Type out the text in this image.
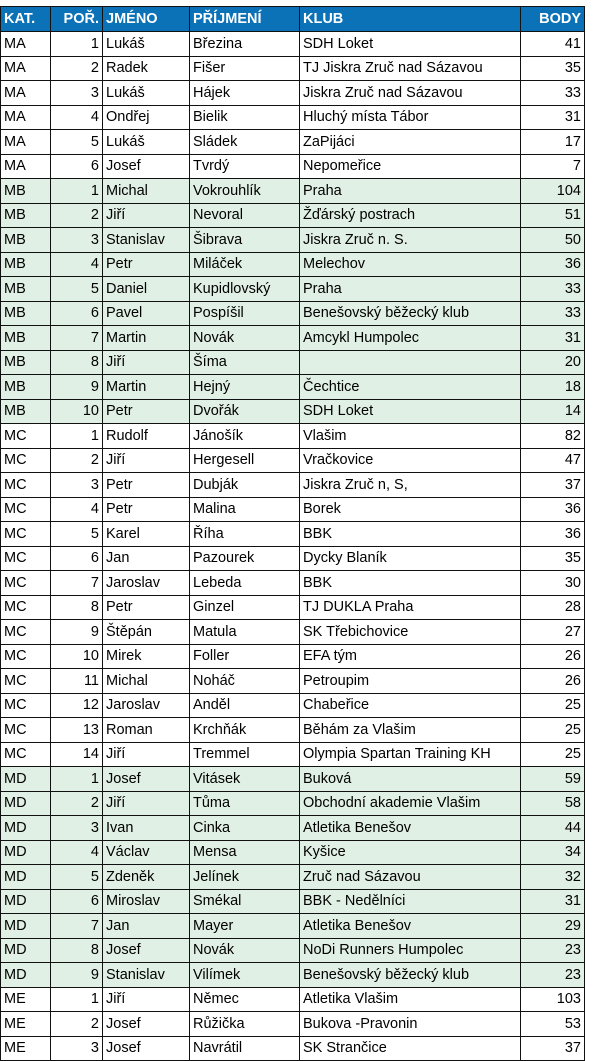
KAT.	POŘ.	JMÉNO	PŘÍJMENÍ	KLUB	BODY
MA	1	Lukáš	Březina	SDH Loket	41
MA	2	Radek	Fišer	TJ Jiskra Zruč nad Sázavou	35
MA	3	Lukáš	Hájek	Jiskra Zruč nad Sázavou	33
MA	4	Ondřej	Bielik	Hluchý místa Tábor	31
MA	5	Lukáš	Sládek	ZaPijáci	17
MA	6	Josef	Tvrdý	Nepomeřice	7
MB	1	Michal	Vokrouhlík	Praha	104
MB	2	Jiří	Nevoral	Žďárský postrach	51
MB	3	Stanislav	Šibrava	Jiskra Zruč n. S.	50
MB	4	Petr	Miláček	Melechov	36
MB	5	Daniel	Kupidlovský	Praha	33
MB	6	Pavel	Pospíšil	Benešovský běžecký klub	33
MB	7	Martin	Novák	Amcykl Humpolec	31
MB	8	Jiří	Šíma		20
MB	9	Martin	Hejný	Čechtice	18
MB	10	Petr	Dvořák	SDH Loket	14
MC	1	Rudolf	Jánošík	Vlašim	82
MC	2	Jiří	Hergesell	Vračkovice	47
MC	3	Petr	Dubják	Jiskra Zruč n, S,	37
MC	4	Petr	Malina	Borek	36
MC	5	Karel	Říha	BBK	36
MC	6	Jan	Pazourek	Dycky Blaník	35
MC	7	Jaroslav	Lebeda	BBK	30
MC	8	Petr	Ginzel	TJ DUKLA Praha	28
MC	9	Štěpán	Matula	SK Třebichovice	27
MC	10	Mirek	Foller	EFA tým	26
MC	11	Michal	Noháč	Petroupim	26
MC	12	Jaroslav	Anděl	Chabeřice	25
MC	13	Roman	Krchňák	Běhám za Vlašim	25
MC	14	Jiří	Tremmel	Olympia Spartan Training KH	25
MD	1	Josef	Vitásek	Buková	59
MD	2	Jiří	Tůma	Obchodní akademie Vlašim	58
MD	3	Ivan	Cinka	Atletika Benešov	44
MD	4	Václav	Mensa	Kyšice	34
MD	5	Zdeněk	Jelínek	Zruč nad Sázavou	32
MD	6	Miroslav	Smékal	BBK - Nedělníci	31
MD	7	Jan	Mayer	Atletika Benešov	29
MD	8	Josef	Novák	NoDi Runners Humpolec	23
MD	9	Stanislav	Vilímek	Benešovský běžecký klub	23
ME	1	Jiří	Němec	Atletika Vlašim	103
ME	2	Josef	Růžička	Bukova -Pravonin	53
ME	3	Josef	Navrátil	SK Strančice	37
